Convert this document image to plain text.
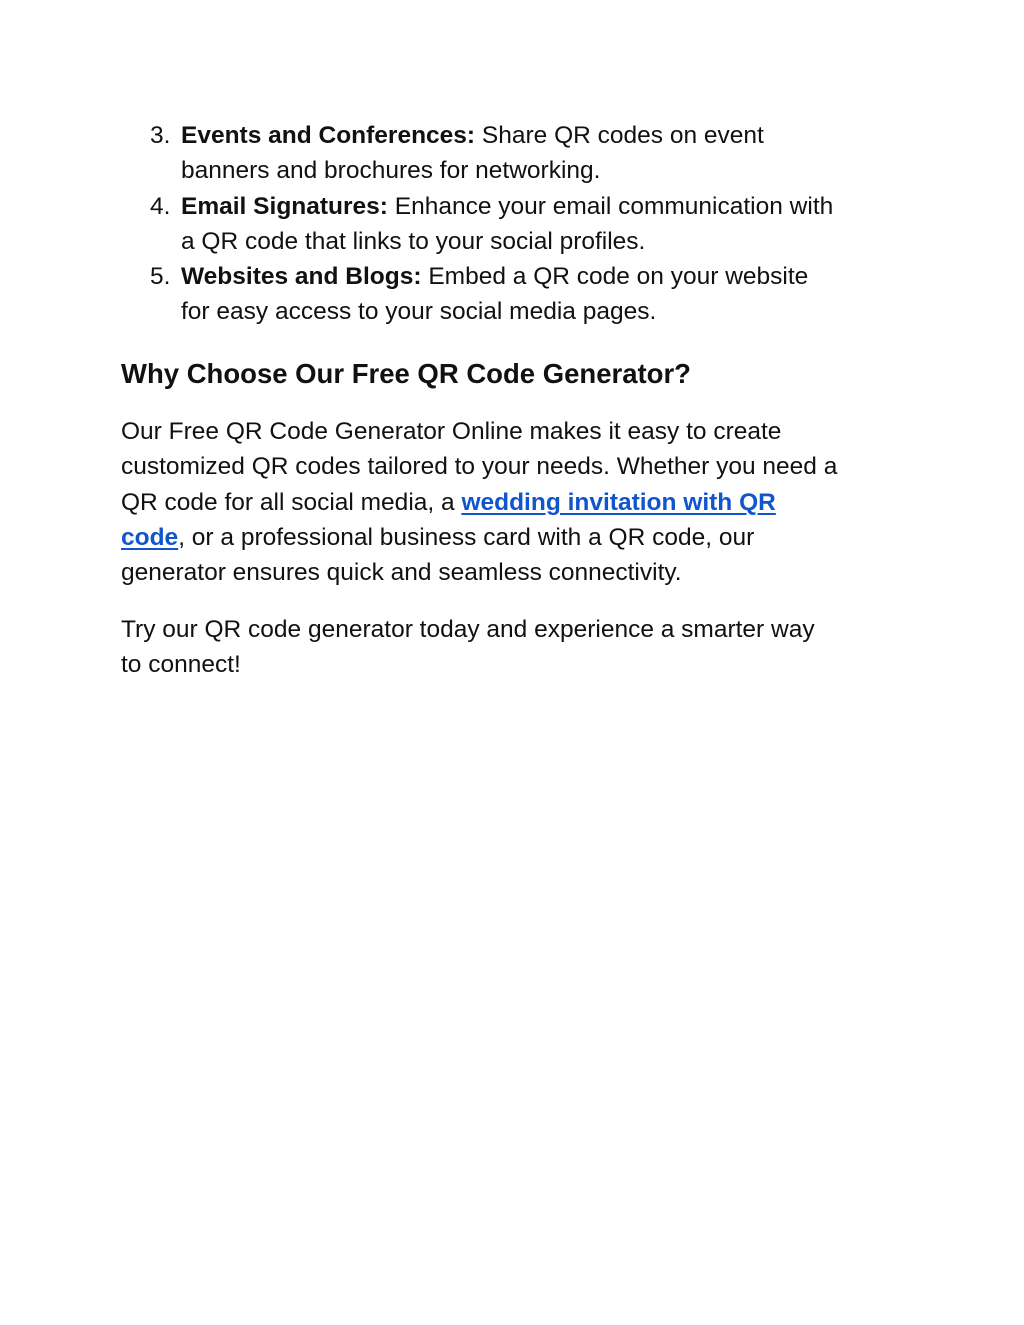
3. Events and Conferences: Share QR codes on event
banners and brochures for networking.
4. Email Signatures: Enhance your email communication with
a QR code that links to your social profiles.
5. Websites and Blogs: Embed a QR code on your website
for easy access to your social media pages.
Why Choose Our Free QR Code Generator?

Our Free QR Code Generator Online makes it easy to create
customized QR codes tailored to your needs. Whether you need a
QR code for all social media, a wedding invitation with QR
code, or a professional business card with a QR code, our
generator ensures quick and seamless connectivity.

Try our QR code generator today and experience a smarter way
to connect!
